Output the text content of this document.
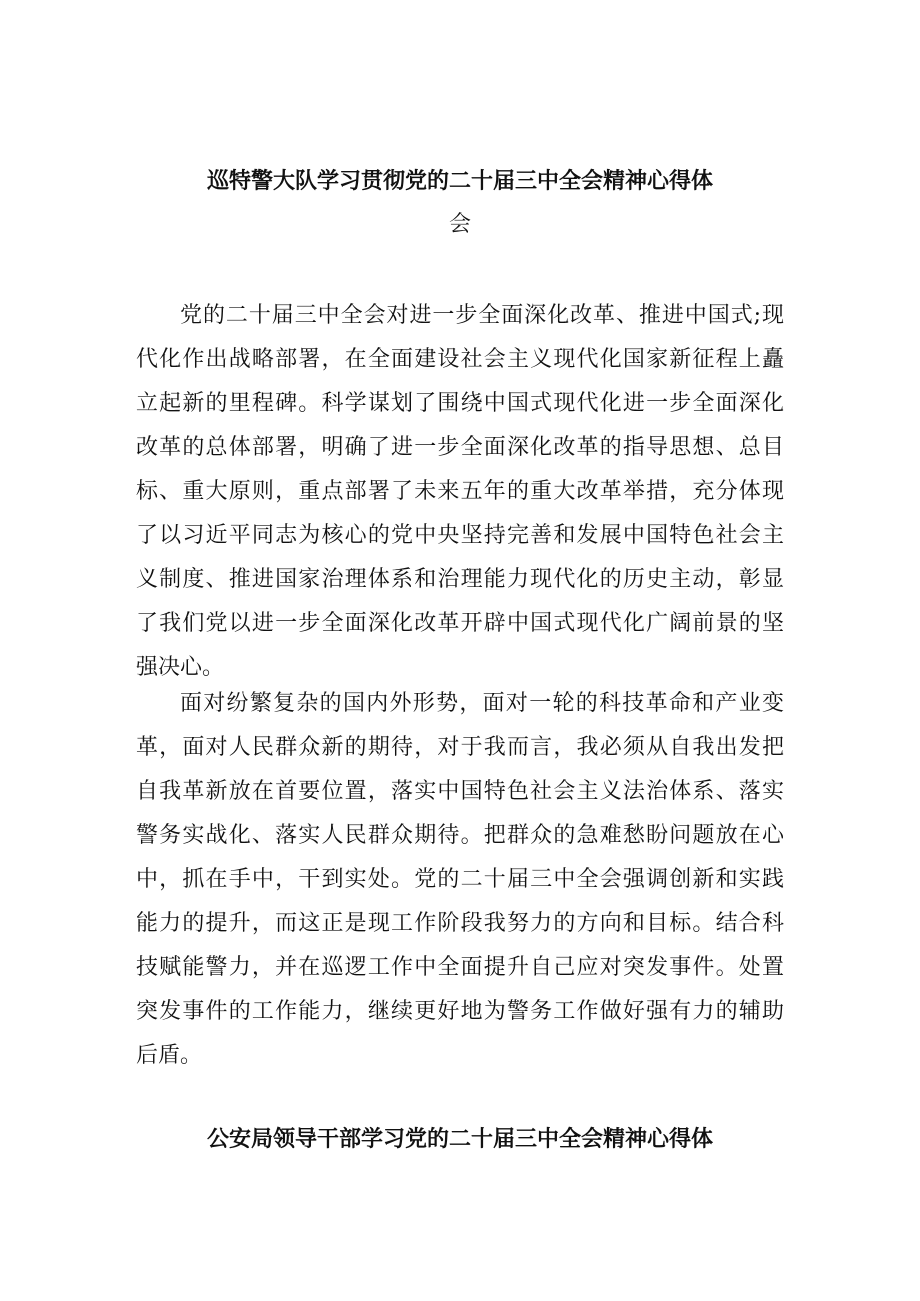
巡特警大队学习贯彻党的二十届三中全会精神心得体
会
党的二十届三中全会对进一步全面深化改革、推进中国式;现
代化作出战略部署，在全面建设社会主义现代化国家新征程上矗
立起新的里程碑。科学谋划了围绕中国式现代化进一步全面深化
改革的总体部署，明确了进一步全面深化改革的指导思想、总目
标、重大原则，重点部署了未来五年的重大改革举措，充分体现
了以习近平同志为核心的党中央坚持完善和发展中国特色社会主
义制度、推进国家治理体系和治理能力现代化的历史主动，彰显
了我们党以进一步全面深化改革开辟中国式现代化广阔前景的坚
强决心。
面对纷繁复杂的国内外形势，面对一轮的科技革命和产业变
革，面对人民群众新的期待，对于我而言，我必须从自我出发把
自我革新放在首要位置，落实中国特色社会主义法治体系、落实
警务实战化、落实人民群众期待。把群众的急难愁盼问题放在心
中，抓在手中，干到实处。党的二十届三中全会强调创新和实践
能力的提升，而这正是现工作阶段我努力的方向和目标。结合科
技赋能警力，并在巡逻工作中全面提升自己应对突发事件。处置
突发事件的工作能力，继续更好地为警务工作做好强有力的辅助
后盾。
公安局领导干部学习党的二十届三中全会精神心得体
